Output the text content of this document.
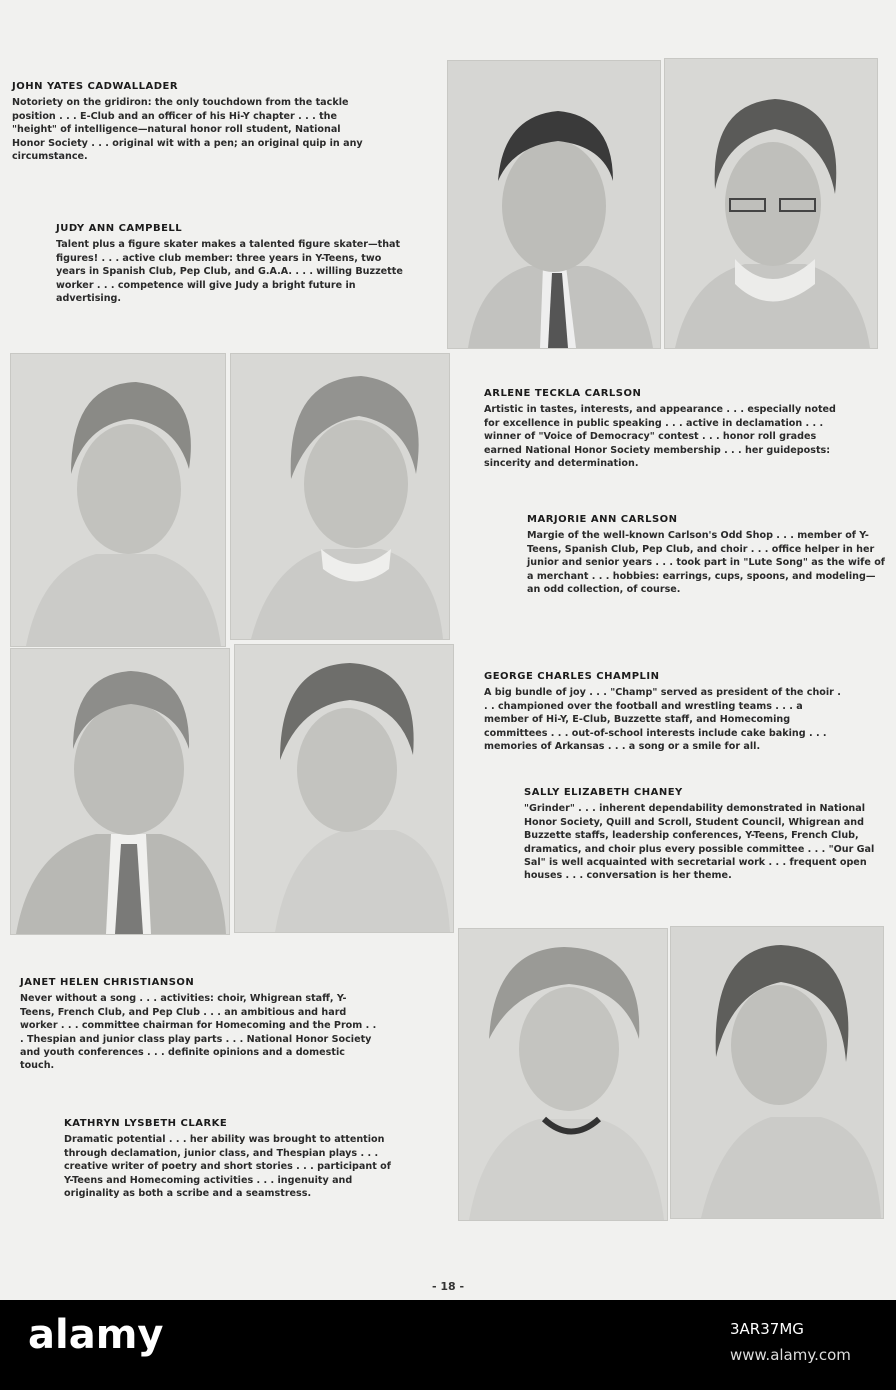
JOHN YATES CADWALLADER
Notoriety on the gridiron: the only touchdown from the tackle position . . . E-Club and an officer of his Hi-Y chapter . . . the "height" of intelligence—natural honor roll student, National Honor Society . . . original wit with a pen; an original quip in any circumstance.
JUDY ANN CAMPBELL
Talent plus a figure skater makes a talented figure skater—that figures! . . . active club member: three years in Y-Teens, two years in Spanish Club, Pep Club, and G.A.A. . . . willing Buzzette worker . . . competence will give Judy a bright future in advertising.
ARLENE TECKLA CARLSON
Artistic in tastes, interests, and appearance . . . especially noted for excellence in public speaking . . . active in declamation . . . winner of "Voice of Democracy" contest . . . honor roll grades earned National Honor Society membership . . . her guideposts: sincerity and determination.
MARJORIE ANN CARLSON
Margie of the well-known Carlson's Odd Shop . . . member of Y-Teens, Spanish Club, Pep Club, and choir . . . office helper in her junior and senior years . . . took part in "Lute Song" as the wife of a merchant . . . hobbies: earrings, cups, spoons, and modeling—an odd collection, of course.
GEORGE CHARLES CHAMPLIN
A big bundle of joy . . . "Champ" served as president of the choir . . . championed over the football and wrestling teams . . . a member of Hi-Y, E-Club, Buzzette staff, and Homecoming committees . . . out-of-school interests include cake baking . . . memories of Arkansas . . . a song or a smile for all.
SALLY ELIZABETH CHANEY
"Grinder" . . . inherent dependability demonstrated in National Honor Society, Quill and Scroll, Student Council, Whigrean and Buzzette staffs, leadership conferences, Y-Teens, French Club, dramatics, and choir plus every possible committee . . . "Our Gal Sal" is well acquainted with secretarial work . . . frequent open houses . . . conversation is her theme.
JANET HELEN CHRISTIANSON
Never without a song . . . activities: choir, Whigrean staff, Y-Teens, French Club, and Pep Club . . . an ambitious and hard worker . . . committee chairman for Homecoming and the Prom . . . Thespian and junior class play parts . . . National Honor Society and youth conferences . . . definite opinions and a domestic touch.
KATHRYN LYSBETH CLARKE
Dramatic potential . . . her ability was brought to attention through declamation, junior class, and Thespian plays . . . creative writer of poetry and short stories . . . participant of Y-Teens and Homecoming activities . . . ingenuity and originality as both a scribe and a seamstress.
- 18 -
alamy	3AR37MG
www.alamy.com
